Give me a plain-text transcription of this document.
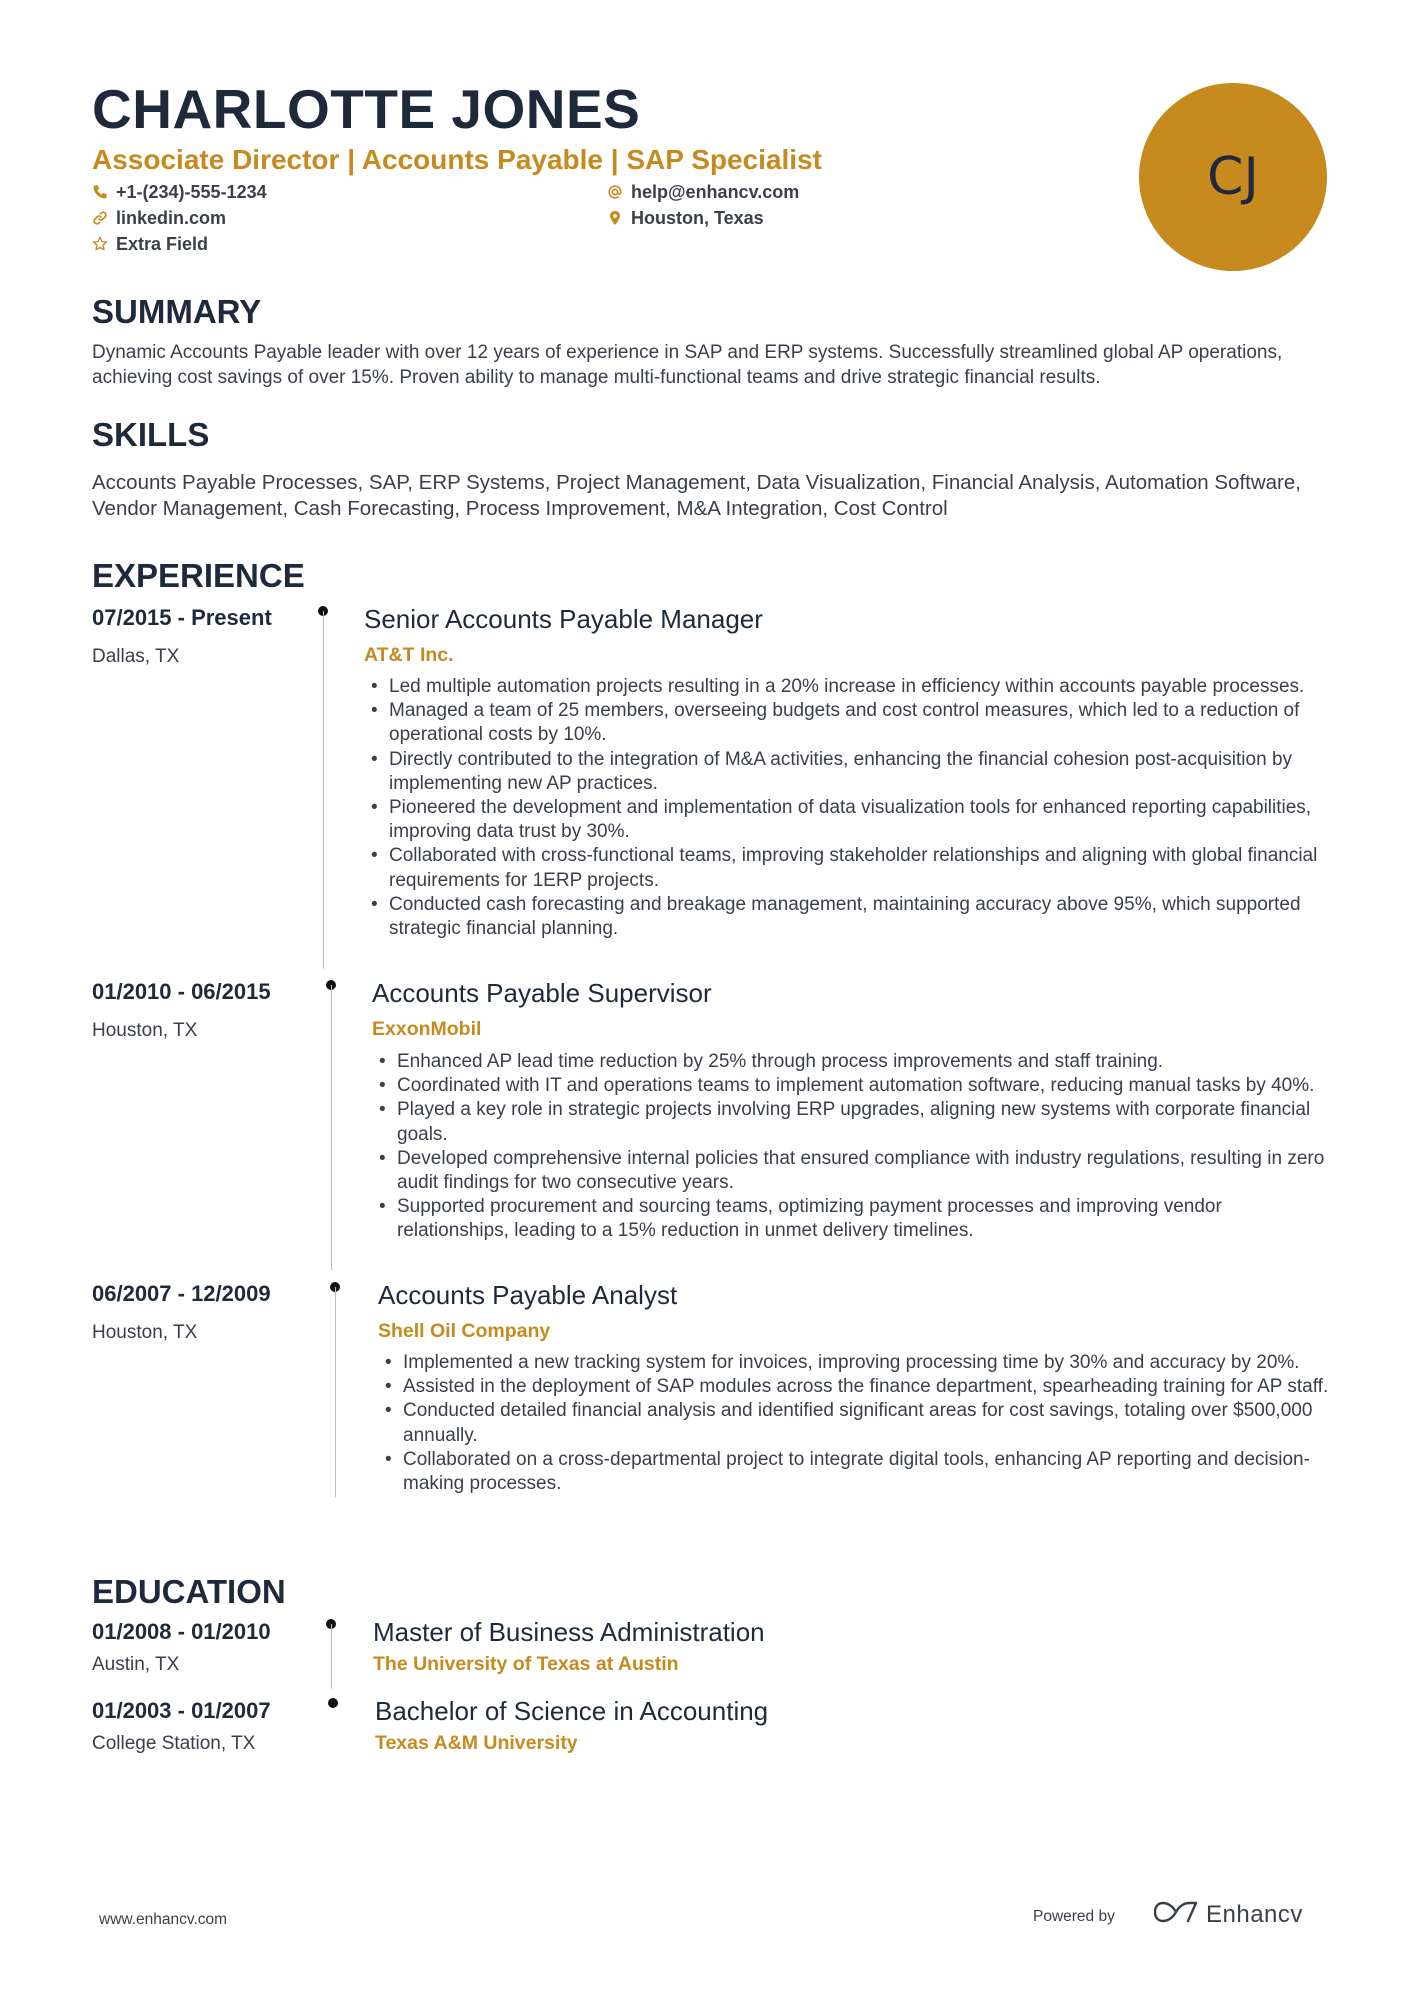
CHARLOTTE JONES
Associate Director | Accounts Payable | SAP Specialist
+1-(234)-555-1234	help@enhancv.com
linkedin.com	Houston, Texas
Extra Field
CJ
SUMMARY
Dynamic Accounts Payable leader with over 12 years of experience in SAP and ERP systems. Successfully streamlined global AP operations, achieving cost savings of over 15%. Proven ability to manage multi-functional teams and drive strategic financial results.
SKILLS
Accounts Payable Processes, SAP, ERP Systems, Project Management, Data Visualization, Financial Analysis, Automation Software, Vendor Management, Cash Forecasting, Process Improvement, M&A Integration, Cost Control
EXPERIENCE
07/2015 - Present
Dallas, TX
Senior Accounts Payable Manager
AT&T Inc.
• Led multiple automation projects resulting in a 20% increase in efficiency within accounts payable processes.
• Managed a team of 25 members, overseeing budgets and cost control measures, which led to a reduction of operational costs by 10%.
• Directly contributed to the integration of M&A activities, enhancing the financial cohesion post-acquisition by implementing new AP practices.
• Pioneered the development and implementation of data visualization tools for enhanced reporting capabilities, improving data trust by 30%.
• Collaborated with cross-functional teams, improving stakeholder relationships and aligning with global financial requirements for 1ERP projects.
• Conducted cash forecasting and breakage management, maintaining accuracy above 95%, which supported strategic financial planning.
01/2010 - 06/2015
Houston, TX
Accounts Payable Supervisor
ExxonMobil
• Enhanced AP lead time reduction by 25% through process improvements and staff training.
• Coordinated with IT and operations teams to implement automation software, reducing manual tasks by 40%.
• Played a key role in strategic projects involving ERP upgrades, aligning new systems with corporate financial goals.
• Developed comprehensive internal policies that ensured compliance with industry regulations, resulting in zero audit findings for two consecutive years.
• Supported procurement and sourcing teams, optimizing payment processes and improving vendor relationships, leading to a 15% reduction in unmet delivery timelines.
06/2007 - 12/2009
Houston, TX
Accounts Payable Analyst
Shell Oil Company
• Implemented a new tracking system for invoices, improving processing time by 30% and accuracy by 20%.
• Assisted in the deployment of SAP modules across the finance department, spearheading training for AP staff.
• Conducted detailed financial analysis and identified significant areas for cost savings, totaling over $500,000 annually.
• Collaborated on a cross-departmental project to integrate digital tools, enhancing AP reporting and decision-making processes.
EDUCATION
01/2008 - 01/2010
Austin, TX
Master of Business Administration
The University of Texas at Austin
01/2003 - 01/2007
College Station, TX
Bachelor of Science in Accounting
Texas A&M University
www.enhancv.com	Powered by	Enhancv
